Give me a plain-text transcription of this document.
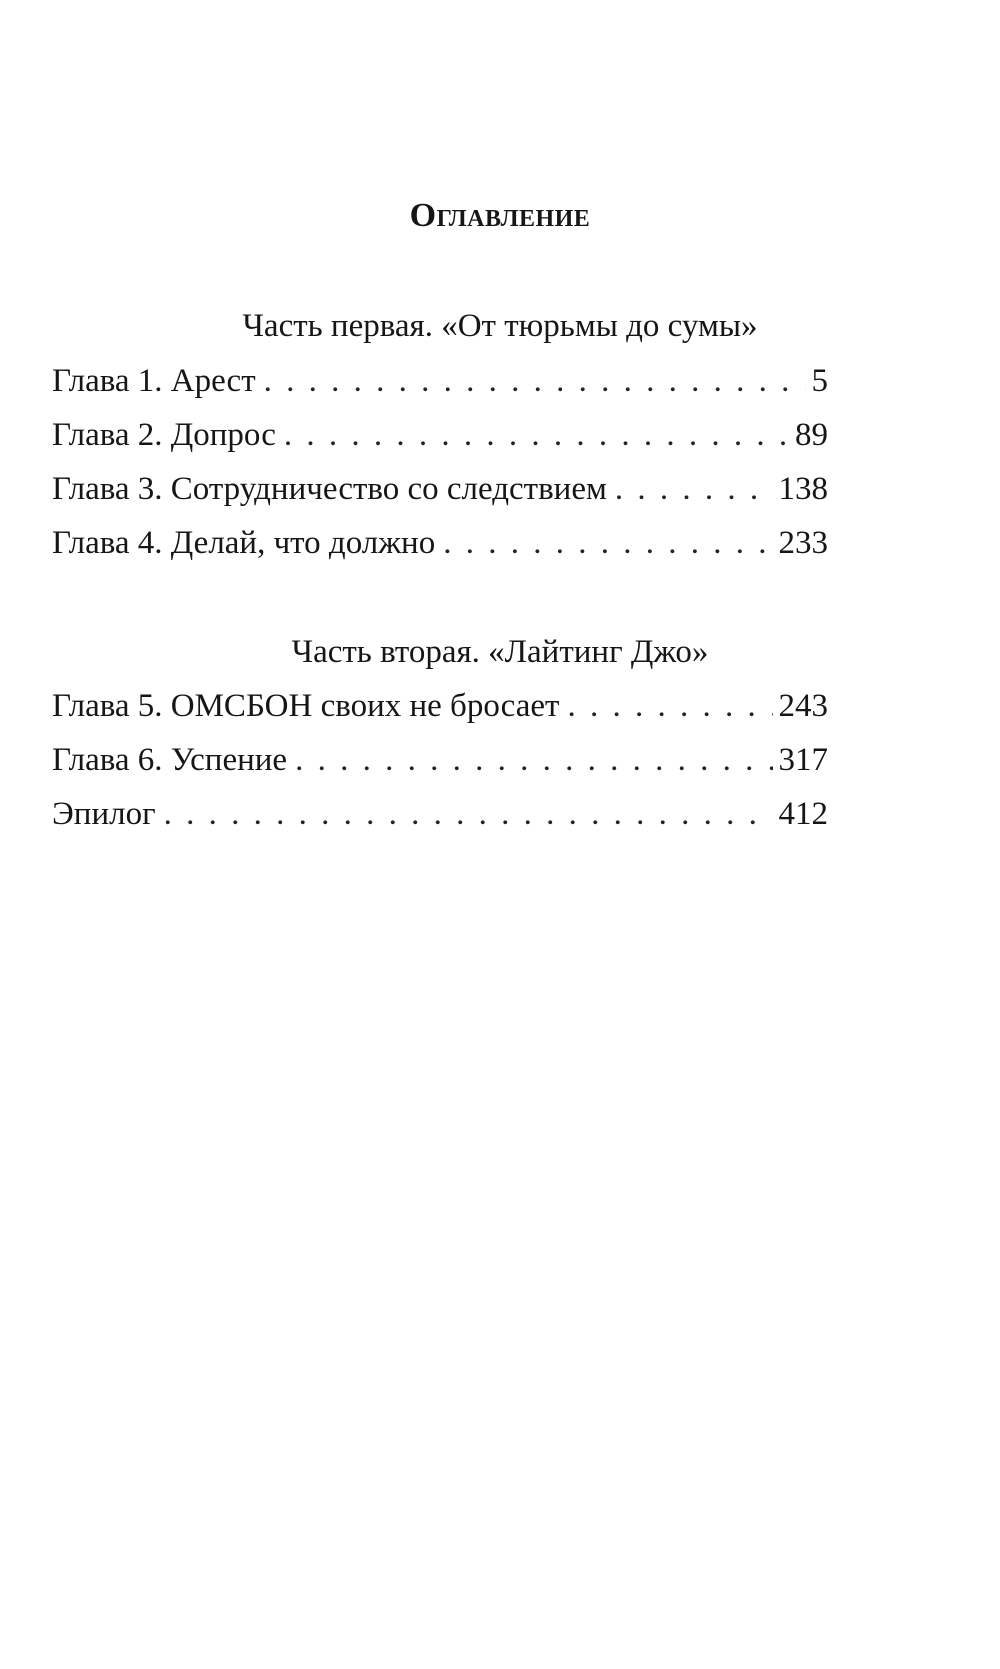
Оглавление
Часть первая. «От тюрьмы до сумы»
Глава 1. Арест . . .	5
Глава 2. Допрос . . .	89
Глава 3. Сотрудничество со следствием . . .	138
Глава 4. Делай, что должно . . .	233
Часть вторая. «Лайтинг Джо»
Глава 5. ОМСБОН своих не бросает . . .	243
Глава 6. Успение . . .	317
Эпилог . . .	412
